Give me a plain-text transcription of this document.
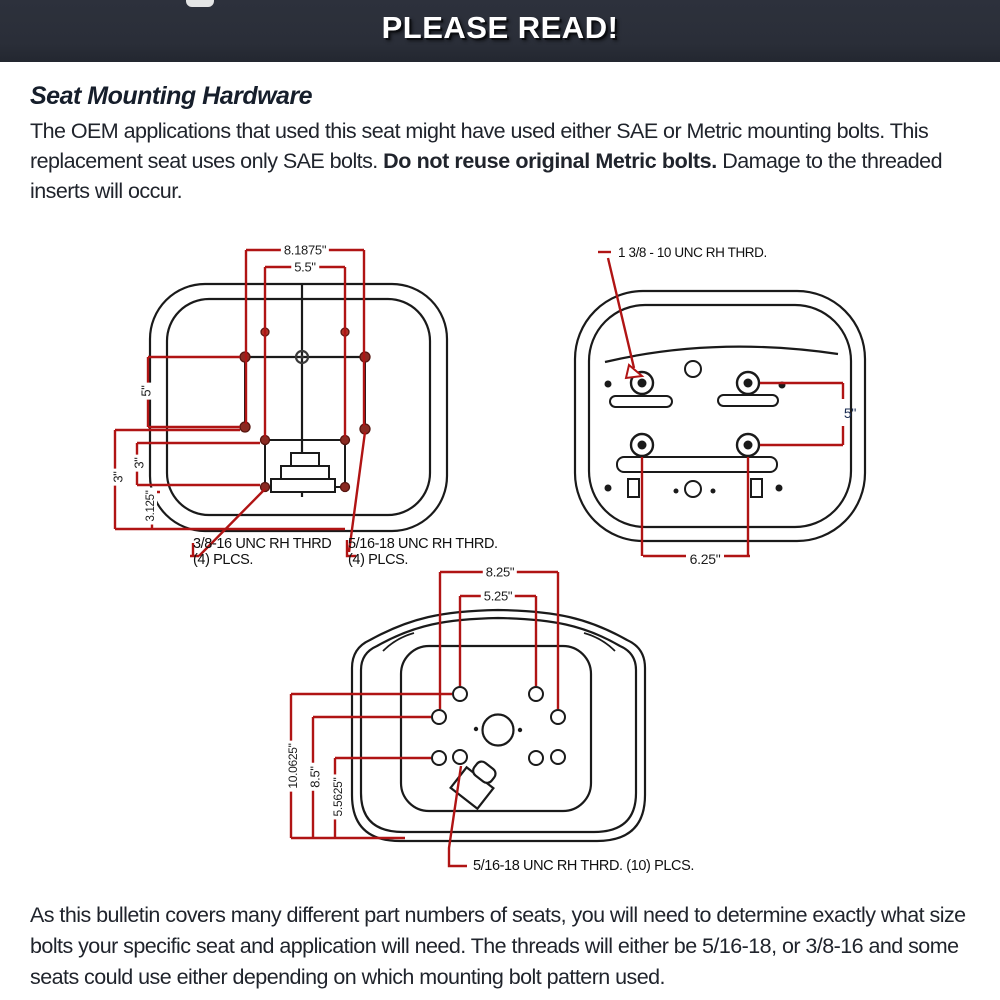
PLEASE READ!
Seat Mounting Hardware
The OEM applications that used this seat might have used either SAE or Metric mounting bolts. This replacement seat uses only SAE bolts. Do not reuse original Metric bolts. Damage to the threaded inserts will occur.
8.1875"
5.5"
5"
3"
3"
3.125"
3/8-16 UNC RH THRD
(4) PLCS.
5/16-18 UNC RH THRD.
(4) PLCS.
1 3/8 - 10 UNC RH THRD.
5"
6.25"
8.25"
5.25"
10.0625" 8.5"
5.5625"
5/16-18 UNC RH THRD. (10) PLCS.
As this bulletin covers many different part numbers of seats, you will need to determine exactly what size bolts your specific seat and application will need. The threads will either be 5/16-18, or 3/8-16 and some seats could use either depending on which mounting bolt pattern used.
